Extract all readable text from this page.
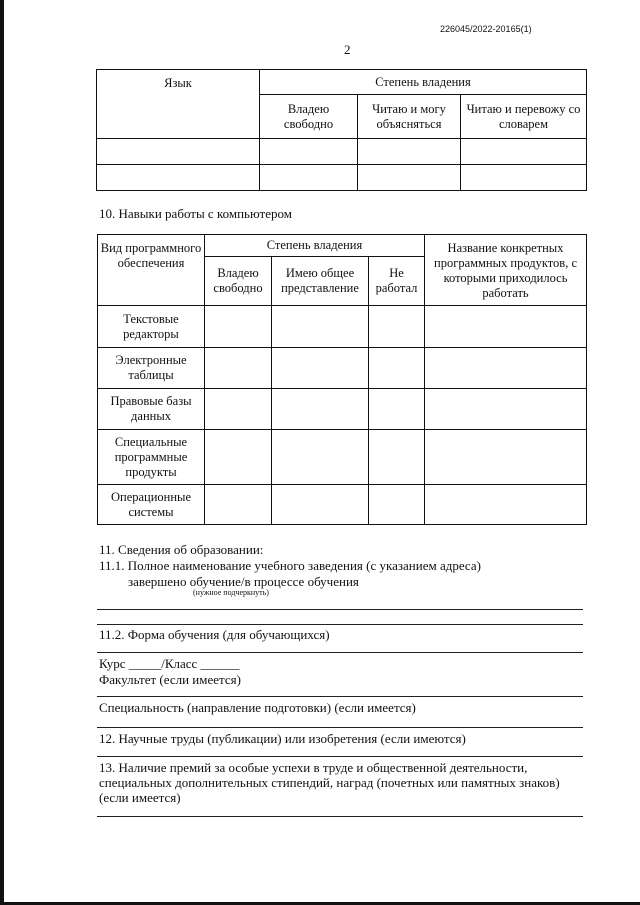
226045/2022-20165(1)
2
Язык	Степень владения		
	Владею свободно	Читаю и могу объясняться	Читаю и перевожу со словарем

10. Навыки работы с компьютером
Вид программного обеспечения	Степень владения			Название конкретных программных продуктов, с которыми приходилось работать
	Владею свободно	Имею общее представление	Не работал	
Текстовые редакторы				
Электронные таблицы				
Правовые базы данных				
Специальные программные продукты				
Операционные системы				
11. Сведения об образовании:
11.1. Полное наименование учебного заведения (с указанием адреса)
завершено обучение/в процессе обучения
(нужное подчеркнуть)
11.2. Форма обучения (для обучающихся)
Курс _____/Класс ______
Факультет (если имеется)
Специальность (направление подготовки) (если имеется)
12. Научные труды (публикации) или изобретения (если имеются)
13. Наличие премий за особые успехи в труде и общественной деятельности,
специальных дополнительных стипендий, наград (почетных или памятных знаков)
(если имеется)
